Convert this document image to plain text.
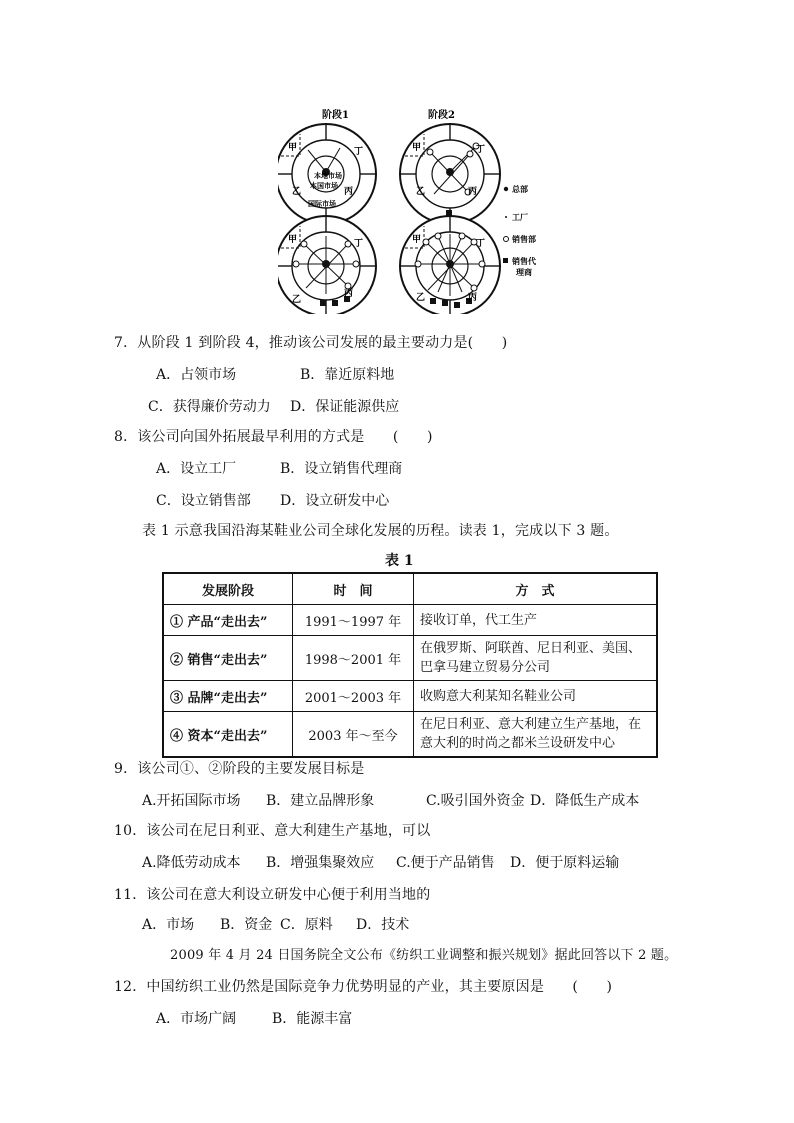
阶段1
甲	丁
乙	丙
本地市场
本国市场
国际市场
阶段2
甲	丁
乙	丙
甲	丁
乙
丙
甲	丁
乙	丙
总部
工厂
销售部
销售代 理商
7．从阶段 1 到阶段 4，推动该公司发展的最主要动力是(　　)
A．占领市场	B．靠近原料地
C．获得廉价劳动力 D．保证能源供应
8．该公司向国外拓展最早利用的方式是　　(　　)
A．设立工厂	B．设立销售代理商
C．设立销售部 D．设立研发中心
表 1 示意我国沿海某鞋业公司全球化发展的历程。读表 1，完成以下 3 题。
表 1
发展阶段	时　间	方　式
① 产品“走出去”	1991～1997 年	接收订单，代工生产
② 销售“走出去”	1998～2001 年	在俄罗斯、阿联酋、尼日利亚、美国、巴拿马建立贸易分公司
③ 品牌“走出去”	2001～2003 年	收购意大利某知名鞋业公司
④ 资本“走出去”	2003 年～至今	在尼日利亚、意大利建立生产基地，在意大利的时尚之都米兰设研发中心
9．该公司①、②阶段的主要发展目标是
A.开拓国际市场 B．建立品牌形象	C.吸引国外资金 D．降低生产成本
10．该公司在尼日利亚、意大利建生产基地，可以
A.降低劳动成本 B．增强集聚效应 C.便于产品销售 D．便于原料运输
11．该公司在意大利设立研发中心便于利用当地的
A．市场 B．资金 C．原料 D．技术
2009 年 4 月 24 日国务院全文公布《纺织工业调整和振兴规划》据此回答以下 2 题。
12．中国纺织工业仍然是国际竞争力优势明显的产业，其主要原因是　　(　　)
A．市场广阔	B．能源丰富
